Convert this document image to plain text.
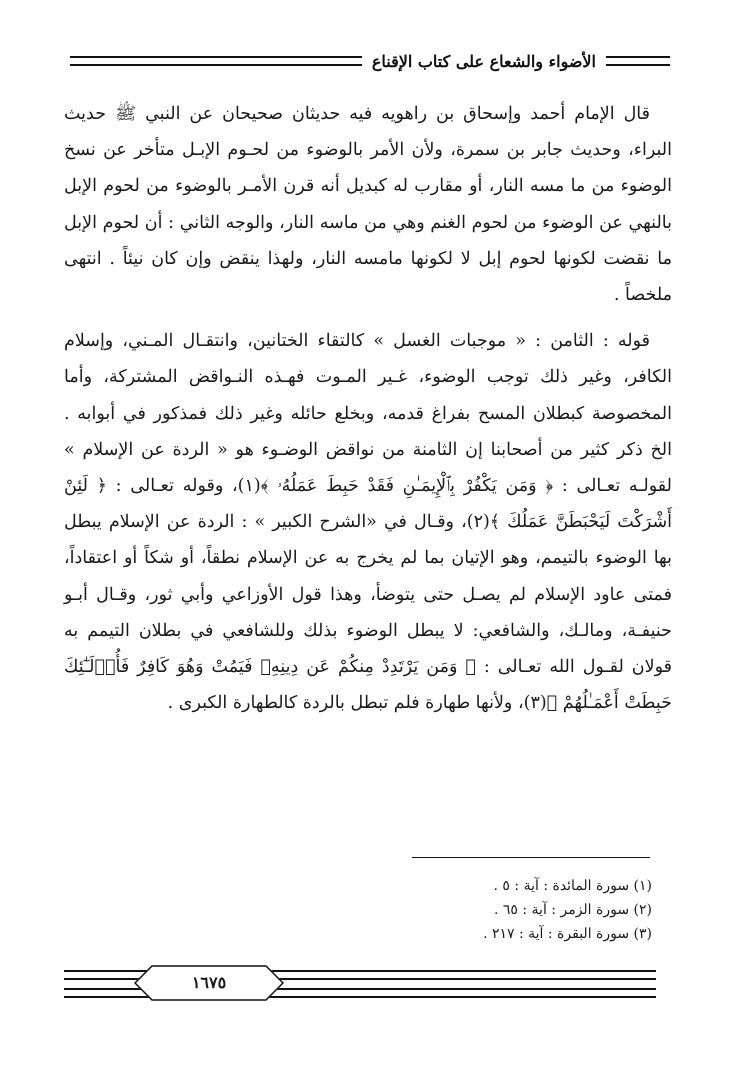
الأضواء والشعاع على كتاب الإقناع

قال الإمام أحمد وإسحاق بن راهويه فيه حديثان صحيحان عن النبي ﷺ حديث البراء، وحديث جابر بن سمرة، ولأن الأمر بالوضوء من لحـوم الإبـل متأخر عن نسخ الوضوء من ما مسه النار، أو مقارب له كبديل أنه قرن الأمـر بالوضوء من لحوم الإبل بالنهي عن الوضوء من لحوم الغنم وهي من ماسه النار، والوجه الثاني : أن لحوم الإبل ما نقضت لكونها لحوم إبل لا لكونها مامسه النار، ولهذا ينقض وإن كان نيئاً . انتهى ملخصاً .

قوله : الثامن : « موجبات الغسل » كالتقاء الختانين، وانتقـال المـني، وإسلام الكافر، وغير ذلك توجب الوضوء، غـير المـوت فهـذه النـواقض المشتركة، وأما المخصوصة كبطلان المسح بفراغ قدمه، وبخلع حائله وغير ذلك فمذكور في أبوابه . الخ ذكر كثير من أصحابنا إن الثامنة من نواقض الوضـوء هو « الردة عن الإسلام » لقولـه تعـالى : ﴿ وَمَن يَكْفُرْ بِٱلْإِيمَـٰنِ فَقَدْ حَبِطَ عَمَلُهُۥ ﴾(١)، وقوله تعـالى : ﴿ لَئِنْ أَشْرَكْتَ لَيَحْبَطَنَّ عَمَلُكَ ﴾(٢)، وقـال في «الشرح الكبير » : الردة عن الإسلام يبطل بها الوضوء بالتيمم، وهو الإتيان بما لم يخرج به عن الإسلام نطقاً، أو شكاً أو اعتقاداً، فمتى عاود الإسلام لم يصـل حتى يتوضأ، وهذا قول الأوزاعي وأبي ثور، وقـال أبـو حنيفـة، ومالـك، والشافعي: لا يبطل الوضوء بذلك وللشافعي في بطلان التيمم به قولان لقـول الله تعـالى : ﴿ وَمَن يَرْتَدِدْ مِنكُمْ عَن دِينِهِۦ فَيَمُتْ وَهُوَ كَافِرٌ فَأُو۟لَـٰٓئِكَ حَبِطَتْ أَعْمَـٰلُهُمْ ﴾(٣)، ولأنها طهارة فلم تبطل بالردة كالطهارة الكبرى .

(١) سورة المائدة : آية : ٥ .
(٢) سورة الزمر : آية : ٦٥ .
(٣) سورة البقرة : آية : ٢١٧ .
١٦٧٥
